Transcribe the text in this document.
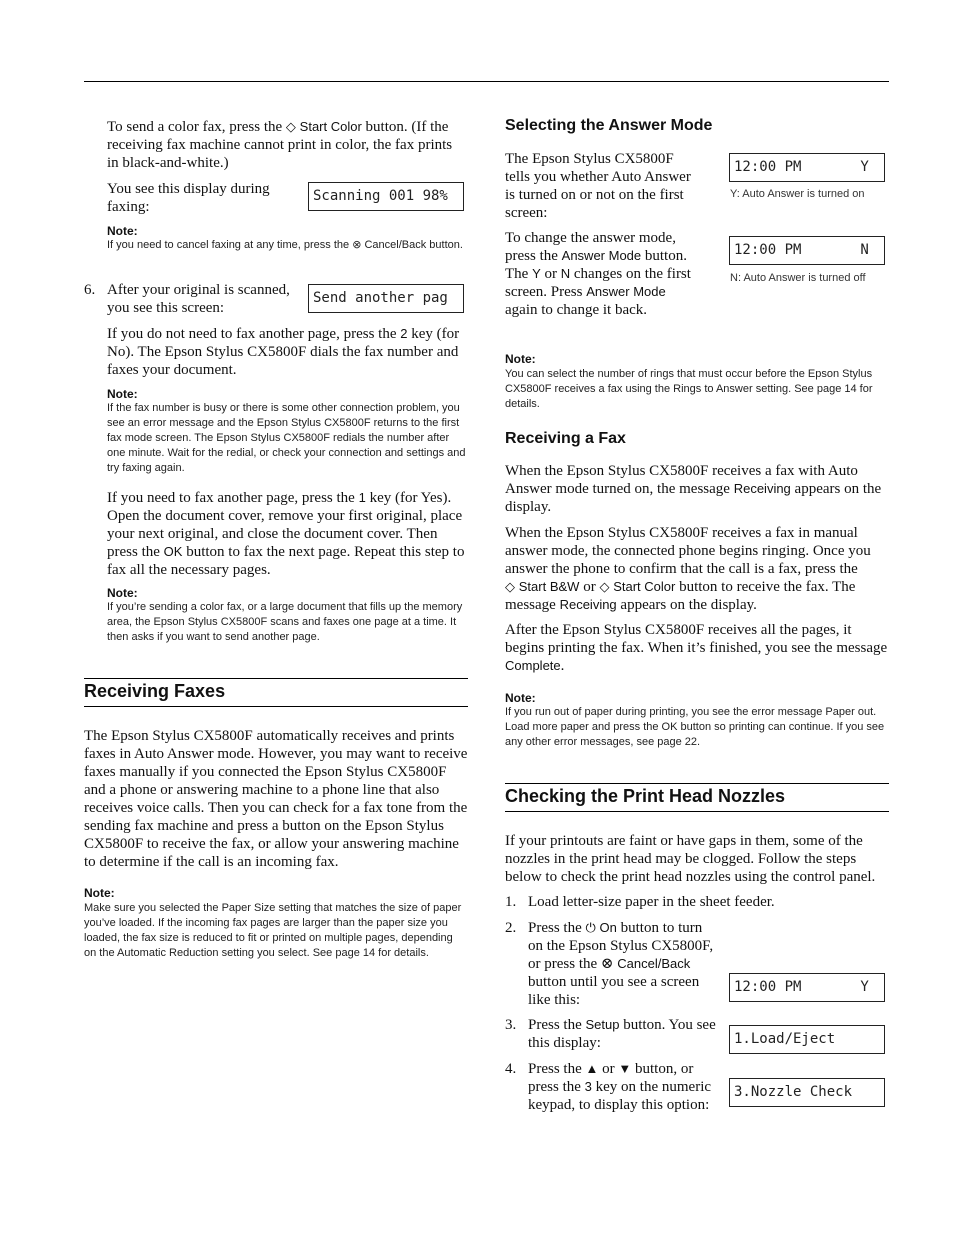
To send a color fax, press the ◇ Start Color button. (If the receiving fax machine cannot print in color, the fax prints in black-and-white.)
You see this display during faxing:
Scanning 001 98%
Note:
If you need to cancel faxing at any time, press the ⊗ Cancel/Back button.
6. After your original is scanned, you see this screen:
Send another pag
If you do not need to fax another page, press the 2 key (for No). The Epson Stylus CX5800F dials the fax number and faxes your document.
Note:
If the fax number is busy or there is some other connection problem, you see an error message and the Epson Stylus CX5800F returns to the first fax mode screen. The Epson Stylus CX5800F redials the number after one minute. Wait for the redial, or check your connection and settings and try faxing again.
If you need to fax another page, press the 1 key (for Yes). Open the document cover, remove your first original, place your next original, and close the document cover. Then press the OK button to fax the next page. Repeat this step to fax all the necessary pages.
Note:
If you’re sending a color fax, or a large document that fills up the memory area, the Epson Stylus CX5800F scans and faxes one page at a time. It then asks if you want to send another page.
Receiving Faxes
The Epson Stylus CX5800F automatically receives and prints faxes in Auto Answer mode. However, you may want to receive faxes manually if you connected the Epson Stylus CX5800F and a phone or answering machine to a phone line that also receives voice calls. Then you can check for a fax tone from the sending fax machine and press a button on the Epson Stylus CX5800F to receive the fax, or allow your answering machine to determine if the call is an incoming fax.
Note:
Make sure you selected the Paper Size setting that matches the size of paper you’ve loaded. If the incoming fax pages are larger than the paper size you loaded, the fax size is reduced to fit or printed on multiple pages, depending on the Automatic Reduction setting you select. See page 14 for details.
Selecting the Answer Mode
The Epson Stylus CX5800F tells you whether Auto Answer is turned on or not on the first screen:
12:00 PM       Y
Y: Auto Answer is turned on
To change the answer mode, press the Answer Mode button. The Y or N changes on the first screen. Press Answer Mode again to change it back.
12:00 PM       N
N: Auto Answer is turned off
Note:
You can select the number of rings that must occur before the Epson Stylus CX5800F receives a fax using the Rings to Answer setting. See page 14 for details.
Receiving a Fax
When the Epson Stylus CX5800F receives a fax with Auto Answer mode turned on, the message Receiving appears on the display.
When the Epson Stylus CX5800F receives a fax in manual answer mode, the connected phone begins ringing. Once you answer the phone to confirm that the call is a fax, press the ◇ Start B&W or ◇ Start Color button to receive the fax. The message Receiving appears on the display.
After the Epson Stylus CX5800F receives all the pages, it begins printing the fax. When it’s finished, you see the message Complete.
Note:
If you run out of paper during printing, you see the error message Paper out. Load more paper and press the OK button so printing can continue. If you see any other error messages, see page 22.
Checking the Print Head Nozzles
If your printouts are faint or have gaps in them, some of the nozzles in the print head may be clogged. Follow the steps below to check the print head nozzles using the control panel.
1. Load letter-size paper in the sheet feeder.
2. Press the ⏻ On button to turn on the Epson Stylus CX5800F, or press the ⊗ Cancel/Back button until you see a screen like this:
12:00 PM       Y
3. Press the Setup button. You see this display:	1.Load/Eject
4. Press the ▲ or ▼ button, or press the 3 key on the numeric keypad, to display this option:
3.Nozzle Check
